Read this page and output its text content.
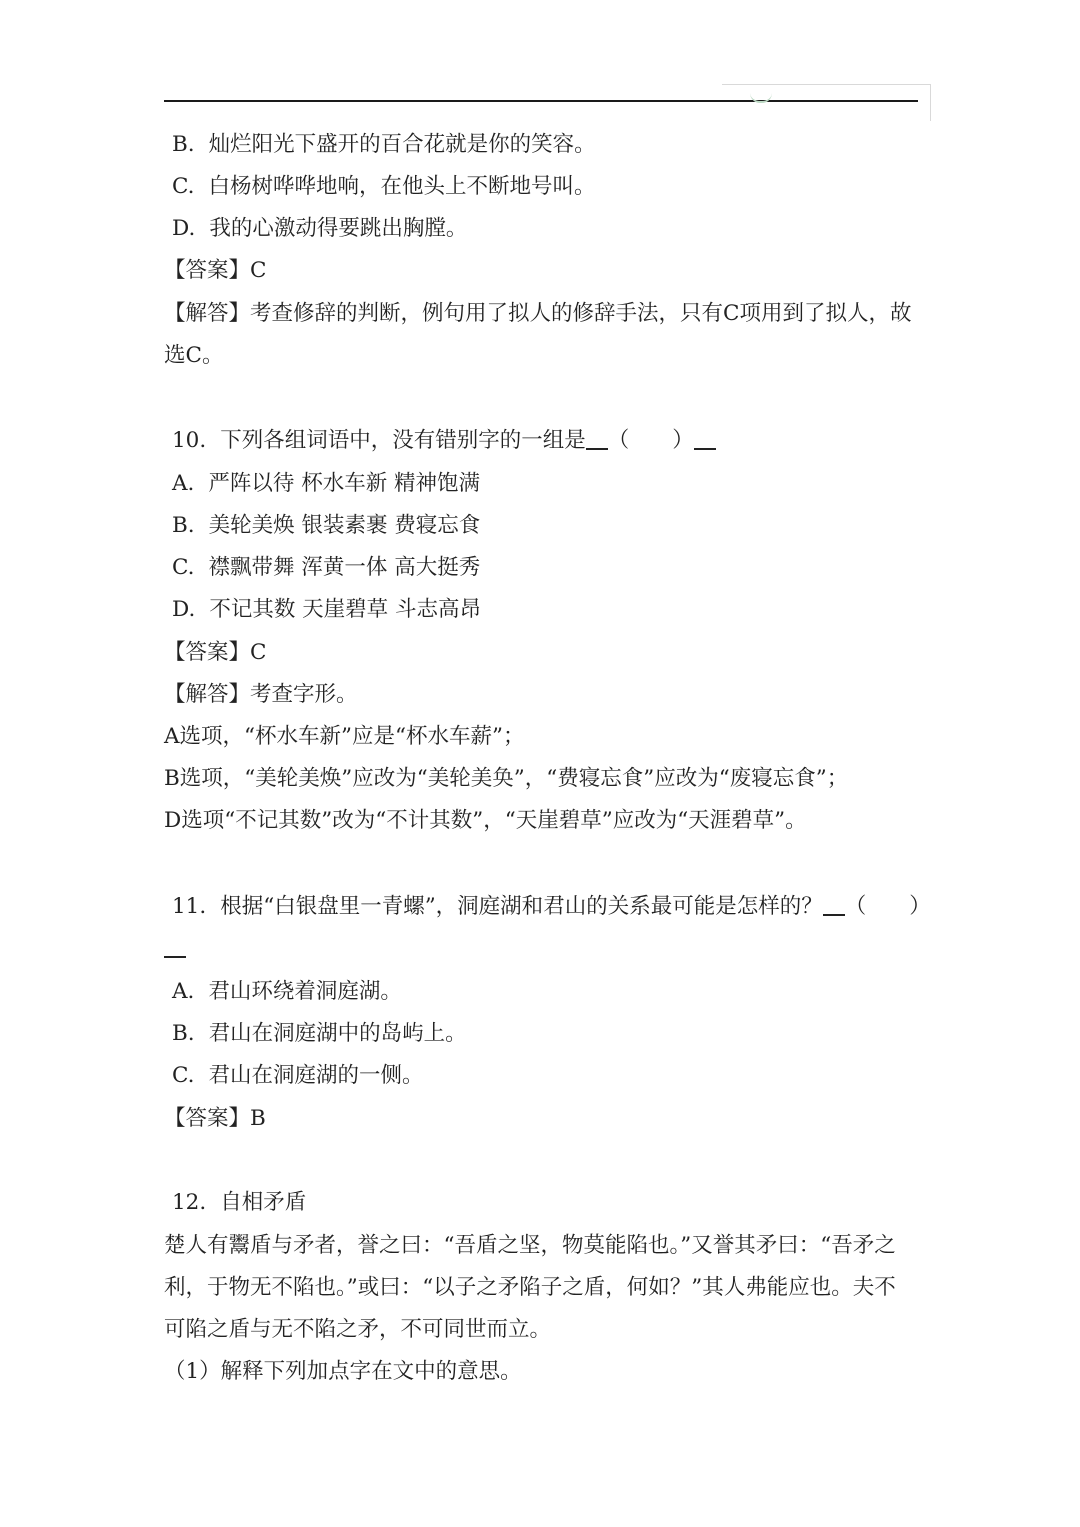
B. 灿烂阳光下盛开的百合花就是你的笑容。
C. 白杨树哗哗地响，在他头上不断地号叫。
D. 我的心激动得要跳出胸膛。
【答案】C
【解答】考查修辞的判断，例句用了拟人的修辞手法，只有C项用到了拟人，故
选C。
10. 下列各组词语中，没有错别字的一组是 （　　）
A. 严阵以待 杯水车新 精神饱满
B. 美轮美焕 银装素裹 费寝忘食
C. 襟飘带舞 浑黄一体 高大挺秀
D. 不记其数 天崖碧草 斗志高昂
【答案】C
【解答】考查字形。
A选项，“杯水车新”应是“杯水车薪”；
B选项，“美轮美焕”应改为“美轮美奂”，“费寝忘食”应改为“废寝忘食”；
D选项“不记其数”改为“不计其数”，“天崖碧草”应改为“天涯碧草”。
11. 根据“白银盘里一青螺”，洞庭湖和君山的关系最可能是怎样的？ （　　）
A. 君山环绕着洞庭湖。
B. 君山在洞庭湖中的岛屿上。
C. 君山在洞庭湖的一侧。
【答案】B
12. 自相矛盾
楚人有鬻盾与矛者，誉之曰：“吾盾之坚，物莫能陷也。”又誉其矛曰：“吾矛之
利，于物无不陷也。”或曰：“以子之矛陷子之盾，何如？”其人弗能应也。夫不
可陷之盾与无不陷之矛，不可同世而立。
（1）解释下列加点字在文中的意思。
